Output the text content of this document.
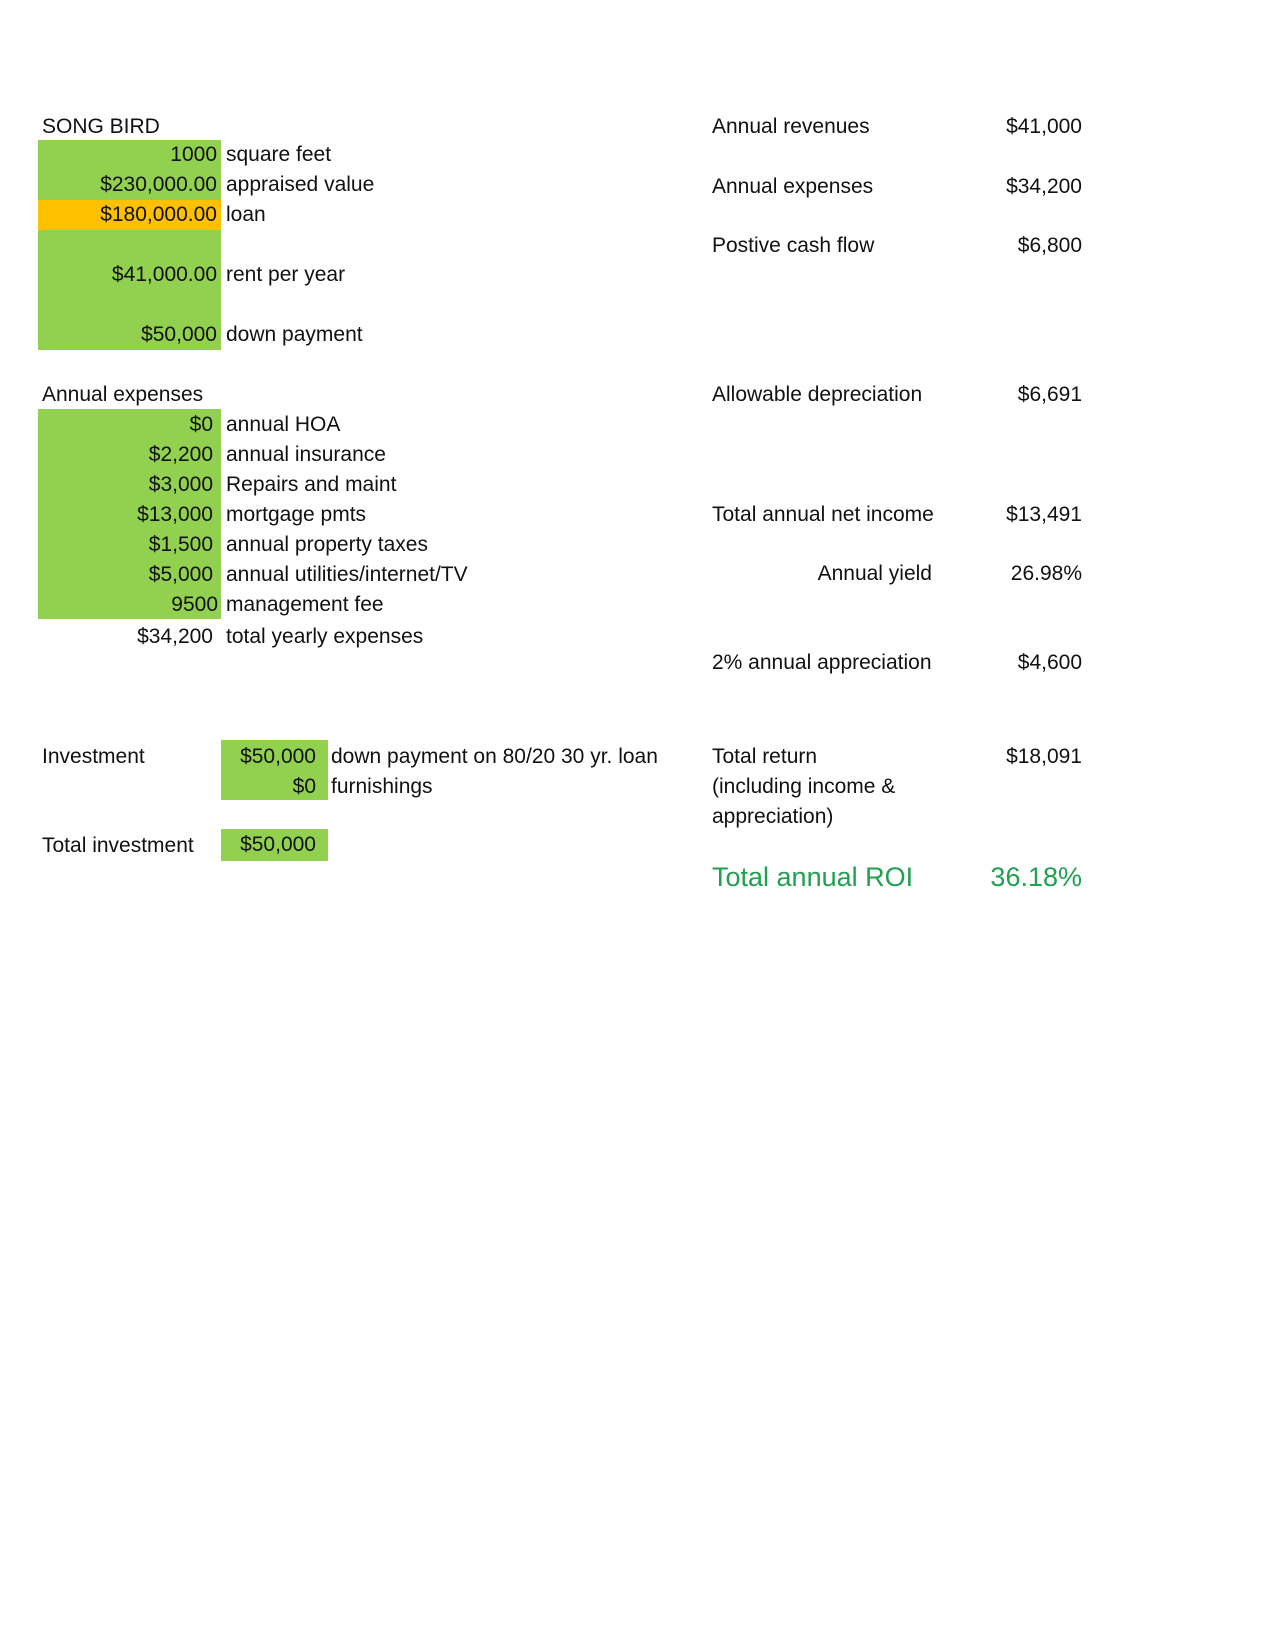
SONG BIRD
1000 square feet
$230,000.00 appraised value
$180,000.00 loan
$41,000.00 rent per year
$50,000 down payment
Annual expenses
$0 annual HOA
$2,200 annual insurance
$3,000 Repairs and maint
$13,000 mortgage pmts
$1,500 annual property taxes
$5,000 annual utilities/internet/TV
9500 management fee
$34,200 total yearly expenses
Investment	$50,000 down payment on 80/20 30 yr. loan
$0 furnishings
Total investment $50,000
Annual revenues	$41,000
Annual expenses	$34,200
Postive cash flow	$6,800
Allowable depreciation	$6,691
Total annual net income	$13,491
Annual yield	26.98%
2% annual appreciation	$4,600
Total return
(including income &
appreciation)
$18,091
Total annual ROI	36.18%
